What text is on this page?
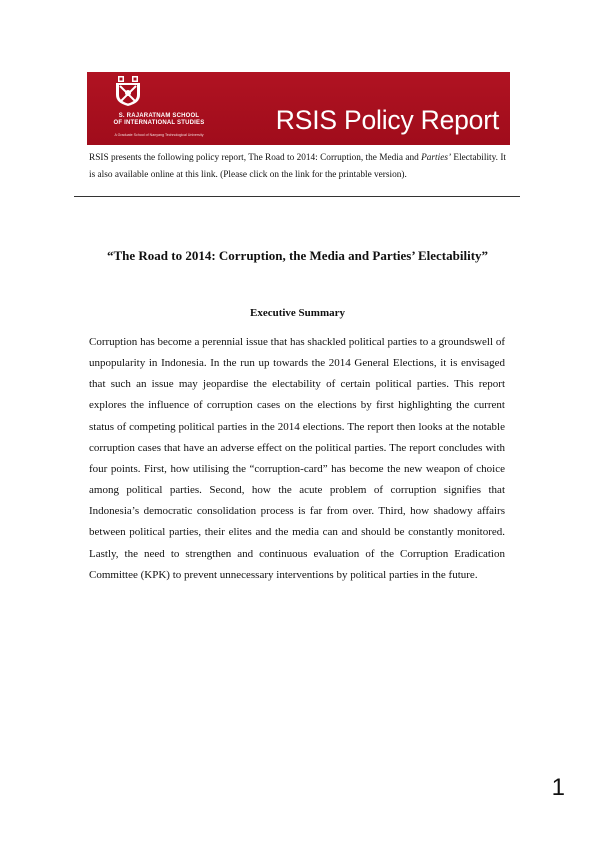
S. RAJARATNAM SCHOOL
OF INTERNATIONAL STUDIES
A Graduate School of Nanyang Technological University	RSIS Policy Report
RSIS presents the following policy report, The Road to 2014: Corruption, the Media and Parties’ Electability. It is also available online at this link. (Please click on the link for the printable version).
“The Road to 2014: Corruption, the Media and Parties’ Electability”
Executive Summary

Corruption has become a perennial issue that has shackled political parties to a groundswell of unpopularity in Indonesia. In the run up towards the 2014 General Elections, it is envisaged that such an issue may jeopardise the electability of certain political parties. This report explores the influence of corruption cases on the elections by first highlighting the current status of competing political parties in the 2014 elections. The report then looks at the notable corruption cases that have an adverse effect on the political parties. The report concludes with four points. First, how utilising the “corruption-card” has become the new weapon of choice among political parties. Second, how the acute problem of corruption signifies that Indonesia’s democratic consolidation process is far from over. Third, how shadowy affairs between political parties, their elites and the media can and should be constantly monitored. Lastly, the need to strengthen and continuous evaluation of the Corruption Eradication Committee (KPK) to prevent unnecessary interventions by political parties in the future.

1
